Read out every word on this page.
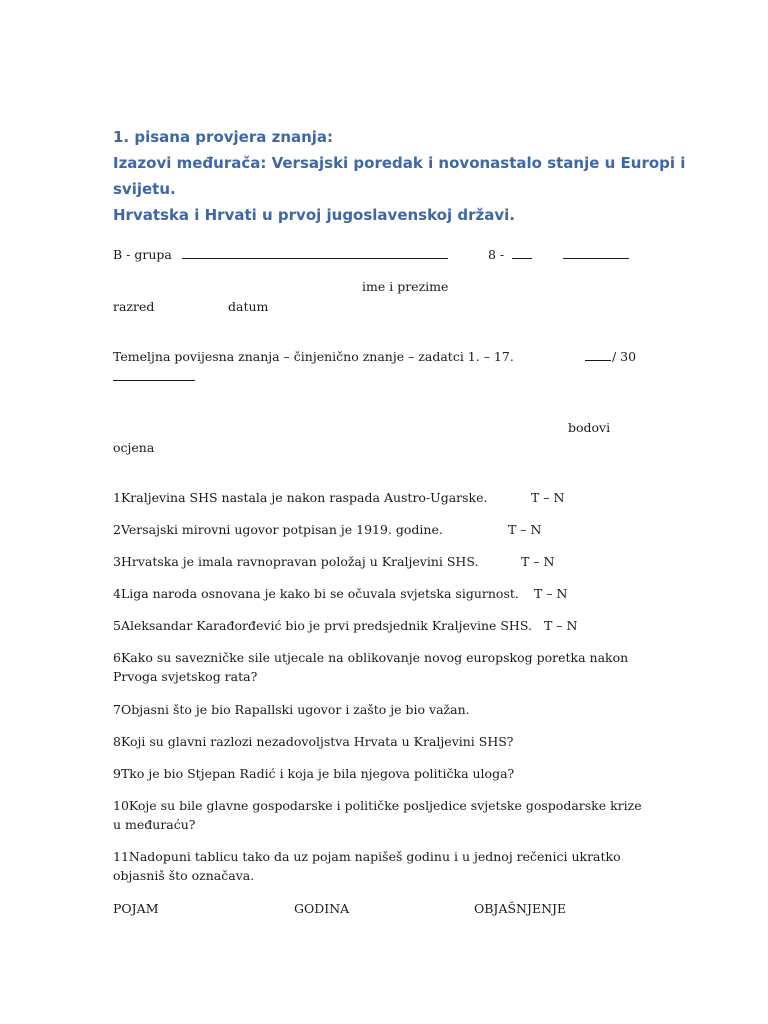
1. pisana provjera znanja:
Izazovi međurača: Versajski poredak i novonastalo stanje u Europi i
svijetu.
Hrvatska i Hrvati u prvoj jugoslavenskoj državi.
B - grupa	8 -
ime i prezime
razred	datum
Temeljna povijesna znanja – činjenično znanje – zadatci 1. – 17.	/ 30
bodovi
ocjena
1Kraljevina SHS nastala je nakon raspada Austro-Ugarske.	T – N
2Versajski mirovni ugovor potpisan je 1919. godine.	T – N
3Hrvatska je imala ravnopravan položaj u Kraljevini SHS.	T – N
4Liga naroda osnovana je kako bi se očuvala svjetska sigurnost. T – N
5Aleksandar Karađorđević bio je prvi predsjednik Kraljevine SHS. T – N
6Kako su savezničke sile utjecale na oblikovanje novog europskog poretka nakon Prvoga svjetskog rata?
7Objasni što je bio Rapallski ugovor i zašto je bio važan.
8Koji su glavni razlozi nezadovoljstva Hrvata u Kraljevini SHS?
9Tko je bio Stjepan Radić i koja je bila njegova politička uloga?
10Koje su bile glavne gospodarske i političke posljedice svjetske gospodarske krize u međuraću?
11Nadopuni tablicu tako da uz pojam napišeš godinu i u jednoj rečenici ukratko objasniš što označava.
POJAM	GODINA	OBJAŠNJENJE
